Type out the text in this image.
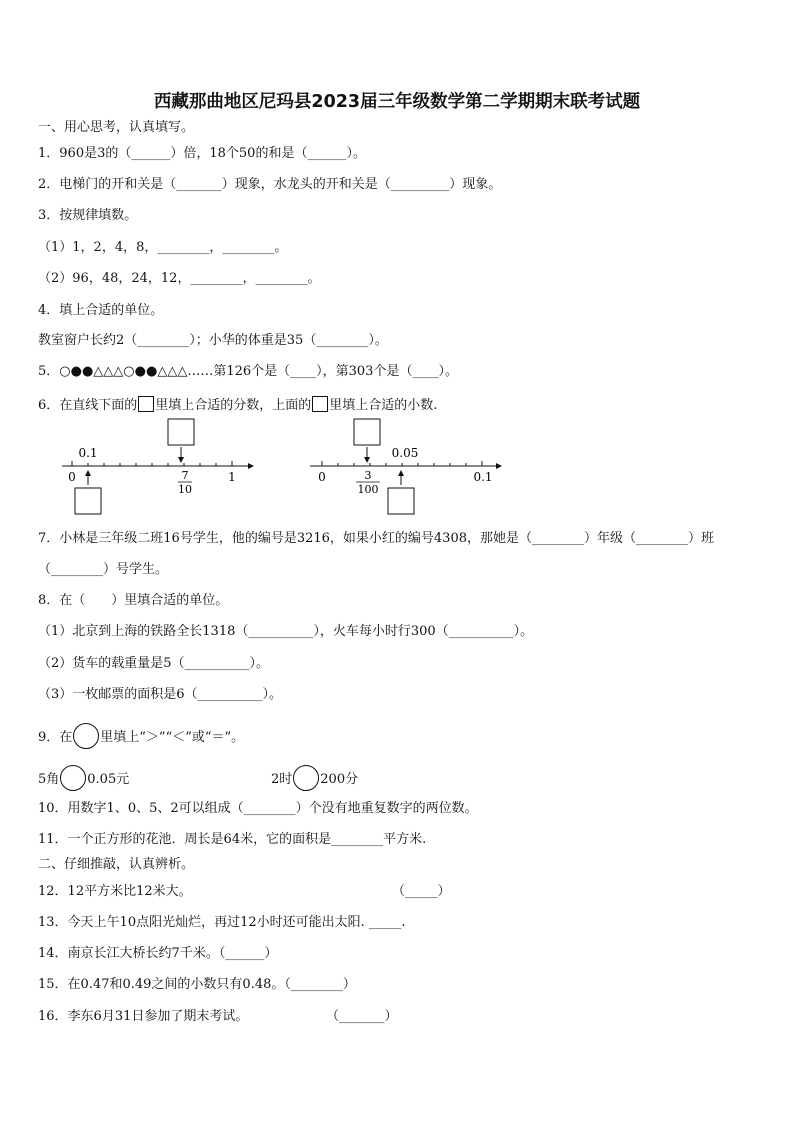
西藏那曲地区尼玛县2023届三年级数学第二学期期末联考试题
一、用心思考，认真填写。
1．960是3的（______）倍，18个50的和是（______）。
2．电梯门的开和关是（_______）现象，水龙头的开和关是（_________）现象。
3．按规律填数。
（1）1，2，4，8，________，________。
（2）96，48，24，12，________，________。
4．填上合适的单位。
教室窗户长约2（________）；小华的体重是35（________）。
5．○●●△△△○●●△△△……第126个是（____），第303个是（____）。
6．在直线下面的 里填上合适的分数，上面的 里填上合适的小数.
0.1
0	7
10
1	0	3
100
0.05
0.1
7．小林是三年级二班16号学生，他的编号是3216，如果小红的编号4308，那她是（________）年级（________）班
（________）号学生。
8．在（　　）里填合适的单位。
（1）北京到上海的铁路全长1318（__________），火车每小时行300（__________）。
（2）货车的载重量是5（__________）。
（3）一枚邮票的面积是6（__________）。
9．在 里填上“＞”“＜”或“＝”。
5角 0.05元	2时 200分
10．用数字1、0、5、2可以组成（________）个没有地重复数字的两位数。
11．一个正方形的花池．周长是64米，它的面积是________平方米.
二、仔细推敲，认真辨析。
12．12平方米比12米大。	（_____）
13．今天上午10点阳光灿烂，再过12小时还可能出太阳. _____.
14．南京长江大桥长约7千米。（______）
15．在0.47和0.49之间的小数只有0.48。（________）
16．李东6月31日参加了期末考试。	（_______）
